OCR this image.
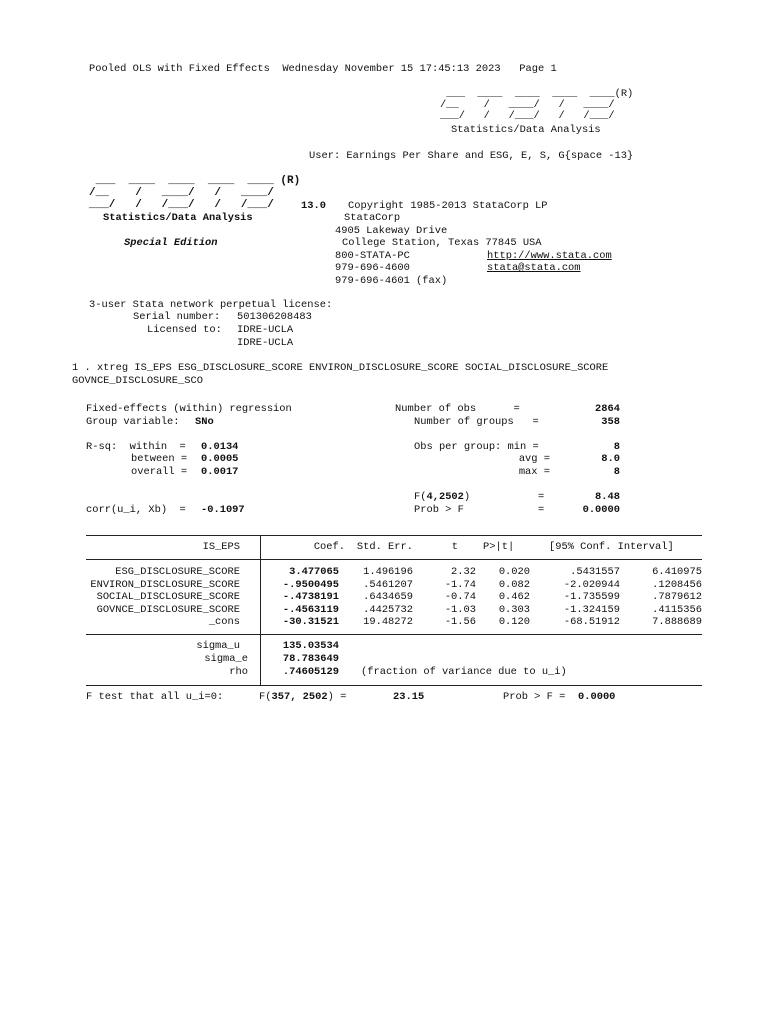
Pooled OLS with Fixed Effects Wednesday November 15 17:45:13 2023 Page 1
___  ____  ____  ____  ____(R)
/__    /   ____/   /   ____/
___/   /   /___/   /   /___/
Statistics/Data Analysis
User: Earnings Per Share and ESG, E, S, G{space -13}
___  ____  ____  ____  ____ (R)
/__    /   ____/   /   ____/
___/   /   /___/   /   /___/
Statistics/Data Analysis
Special Edition
13.0 Copyright 1985-2013 StataCorp LP
StataCorp
4905 Lakeway Drive
College Station, Texas 77845 USA
800-STATA-PC
979-696-4600
979-696-4601 (fax)
http://www.stata.com
stata@stata.com
3-user Stata network perpetual license:
Serial number: 501306208483
Licensed to: IDRE-UCLA
IDRE-UCLA
1 . xtreg IS_EPS ESG_DISCLOSURE_SCORE ENVIRON_DISCLOSURE_SCORE SOCIAL_DISCLOSURE_SCORE
GOVNCE_DISCLOSURE_SCO
Fixed-effects (within) regression
Group variable: SNo
Number of obs      =	2864
Number of groups   =	358
R-sq:  within  = 0.0134
between = 0.0005
overall = 0.0017
Obs per group: min =	8
avg =	8.0
max =	8
F(4,2502)	=	8.48
corr(u_i, Xb)  = -0.1097	Prob > F	=	0.0000
IS_EPS	Coef.	Std. Err.	t P>|t|	[95% Conf. Interval]
ESG_DISCLOSURE_SCORE	3.477065	1.496196	2.32	0.020	.5431557	6.410975
ENVIRON_DISCLOSURE_SCORE	-.9500495	.5461207	-1.74	0.082	-2.020944	.1208456
SOCIAL_DISCLOSURE_SCORE	-.4738191	.6434659	-0.74	0.462	-1.735599	.7879612
GOVNCE_DISCLOSURE_SCORE	-.4563119	.4425732	-1.03	0.303	-1.324159	.4115356
_cons	-30.31521	19.48272	-1.56	0.120	-68.51912	7.888689
sigma_u	135.03534
sigma_e	78.783649
rho	.74605129 (fraction of variance due to u_i)
F test that all u_i=0:	F(357, 2502) =	23.15	Prob > F = 0.0000
